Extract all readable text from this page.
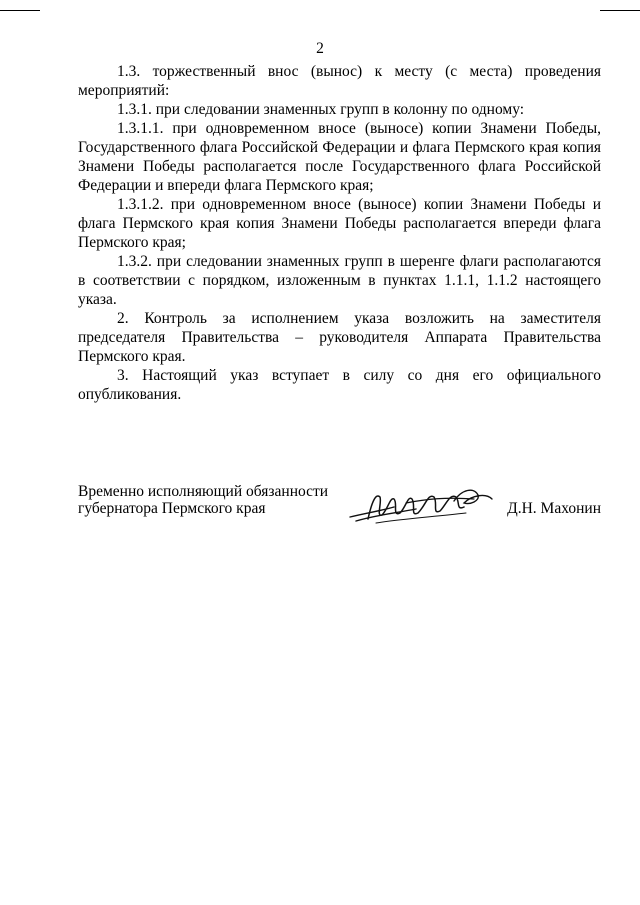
2

1.3. торжественный внос (вынос) к месту (с места) проведения мероприятий:

1.3.1. при следовании знаменных групп в колонну по одному:

1.3.1.1. при одновременном вносе (выносе) копии Знамени Победы, Государственного флага Российской Федерации и флага Пермского края копия Знамени Победы располагается после Государственного флага Российской Федерации и впереди флага Пермского края;

1.3.1.2. при одновременном вносе (выносе) копии Знамени Победы и флага Пермского края копия Знамени Победы располагается впереди флага Пермского края;

1.3.2. при следовании знаменных групп в шеренге флаги располагаются в соответствии с порядком, изложенным в пунктах 1.1.1, 1.1.2 настоящего указа.

2. Контроль за исполнением указа возложить на заместителя председателя Правительства – руководителя Аппарата Правительства Пермского края.

3. Настоящий указ вступает в силу со дня его официального опубликования.

Временно исполняющий обязанности
губернатора Пермского края	Д.Н. Махонин
